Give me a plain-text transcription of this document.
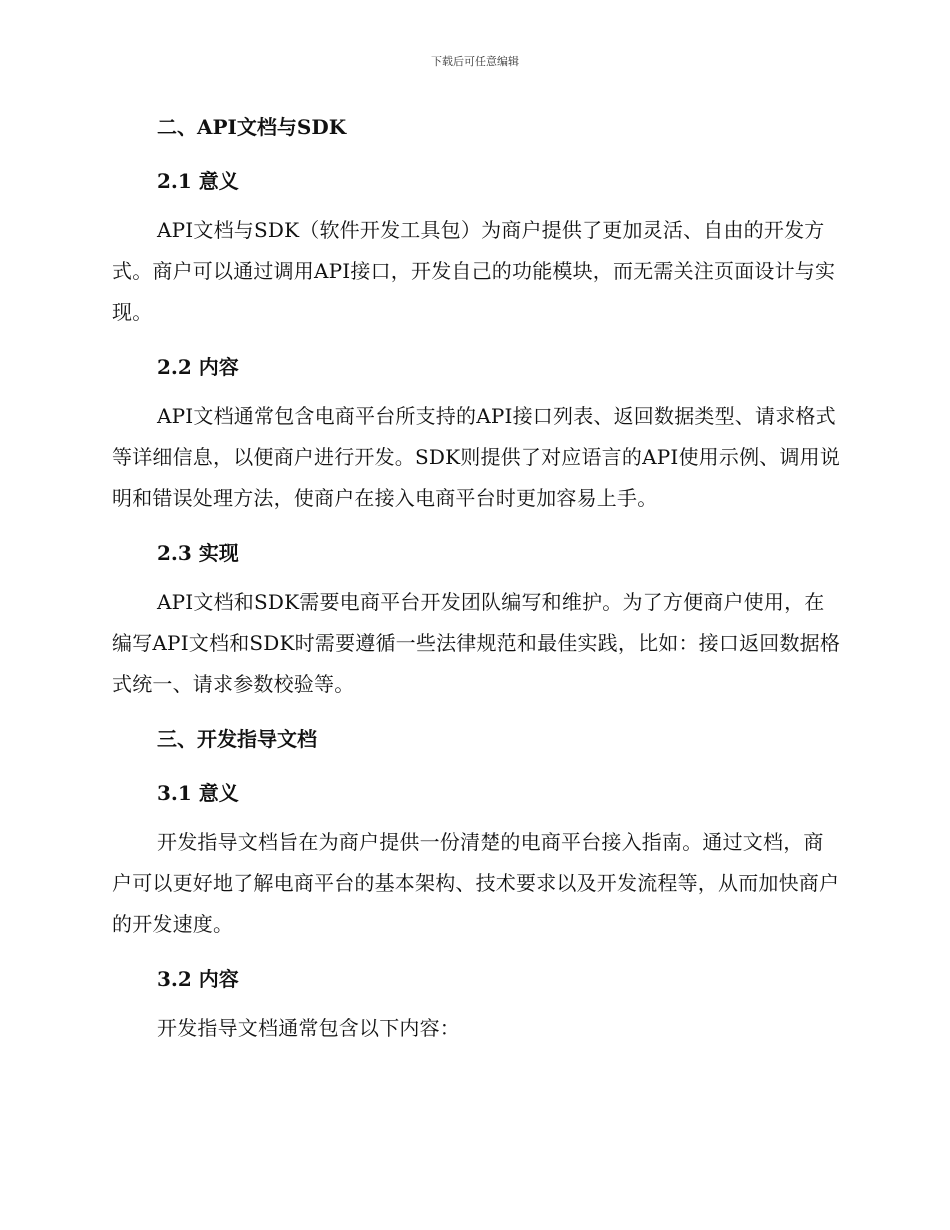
下载后可任意编辑
二、API文档与SDK
2.1 意义

API文档与SDK（软件开发工具包）为商户提供了更加灵活、自由的开发方式。商户可以通过调用API接口，开发自己的功能模块，而无需关注页面设计与实现。

2.2 内容

API文档通常包含电商平台所支持的API接口列表、返回数据类型、请求格式等详细信息，以便商户进行开发。SDK则提供了对应语言的API使用示例、调用说明和错误处理方法，使商户在接入电商平台时更加容易上手。

2.3 实现

API文档和SDK需要电商平台开发团队编写和维护。为了方便商户使用，在编写API文档和SDK时需要遵循一些法律规范和最佳实践，比如：接口返回数据格式统一、请求参数校验等。

三、开发指导文档
3.1 意义

开发指导文档旨在为商户提供一份清楚的电商平台接入指南。通过文档，商户可以更好地了解电商平台的基本架构、技术要求以及开发流程等，从而加快商户的开发速度。

3.2 内容

开发指导文档通常包含以下内容：
